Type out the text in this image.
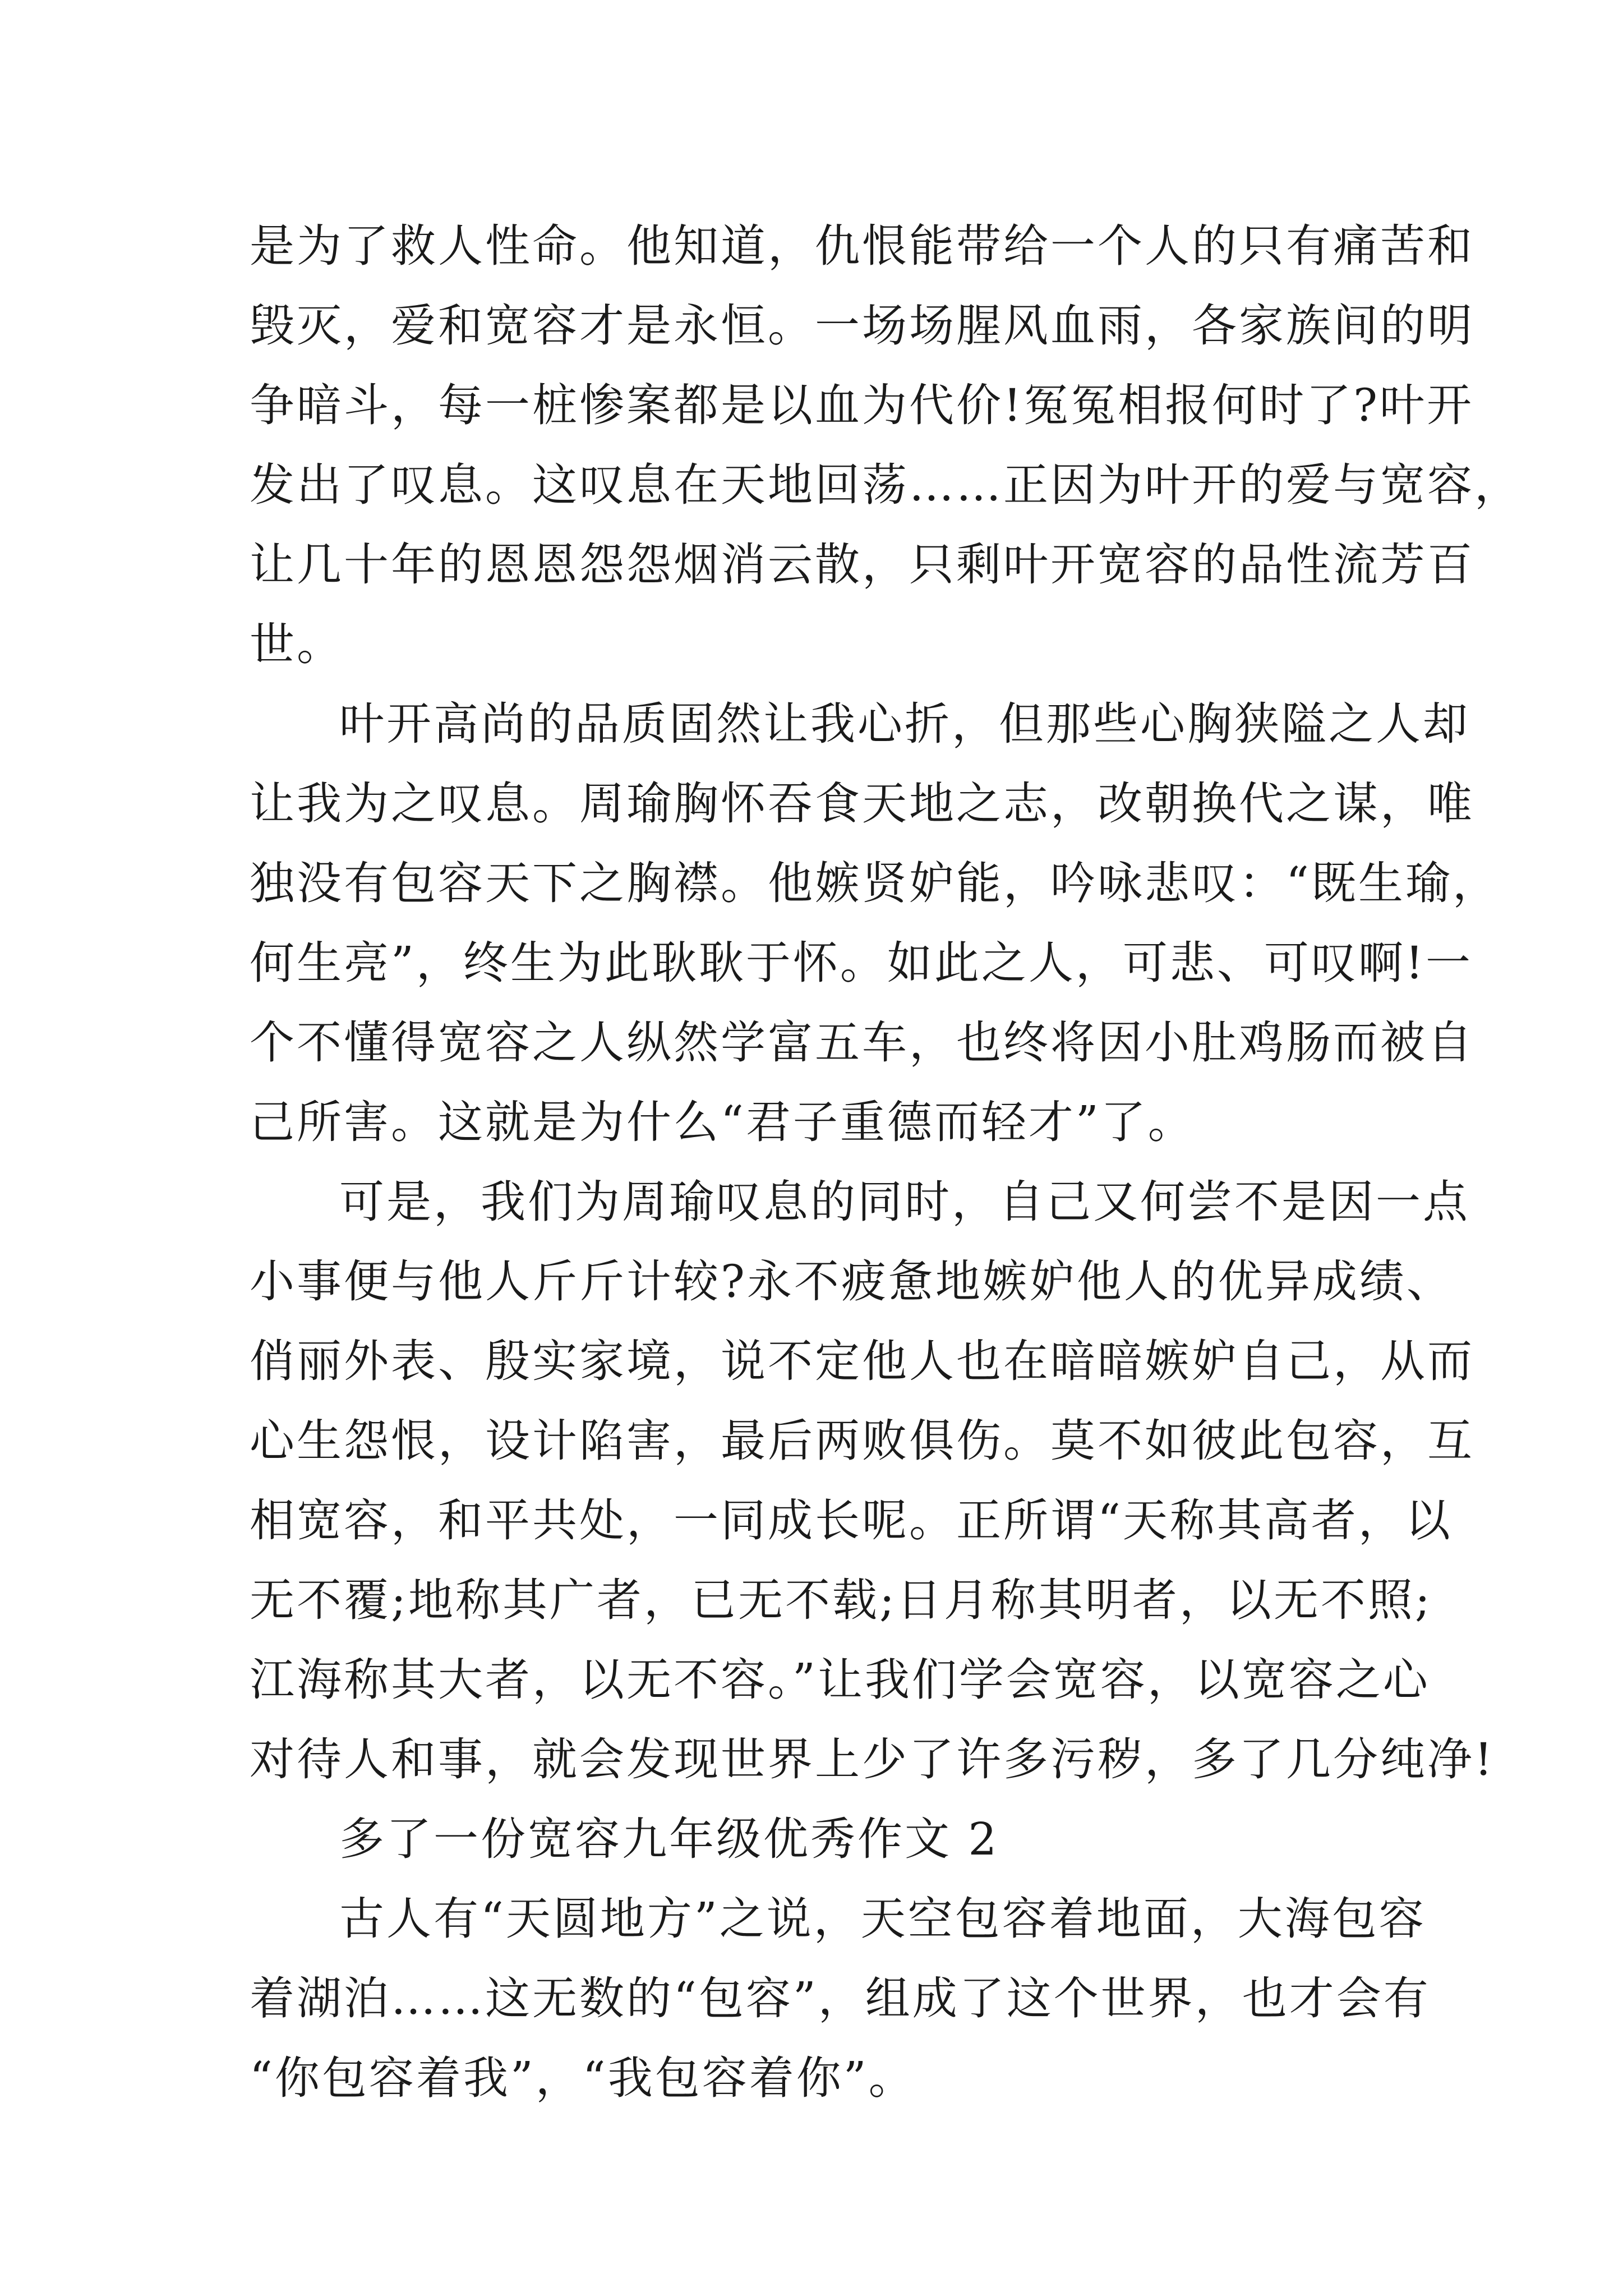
是为了救人性命。他知道，仇恨能带给一个人的只有痛苦和
毁灭，爱和宽容才是永恒。一场场腥风血雨，各家族间的明
争暗斗，每一桩惨案都是以血为代价!冤冤相报何时了?叶开
发出了叹息。这叹息在天地回荡……正因为叶开的爱与宽容，
让几十年的恩恩怨怨烟消云散，只剩叶开宽容的品性流芳百
世。
叶开高尚的品质固然让我心折，但那些心胸狭隘之人却
让我为之叹息。周瑜胸怀吞食天地之志，改朝换代之谋，唯
独没有包容天下之胸襟。他嫉贤妒能，吟咏悲叹：“既生瑜，
何生亮”，终生为此耿耿于怀。如此之人，可悲、可叹啊!一
个不懂得宽容之人纵然学富五车，也终将因小肚鸡肠而被自
己所害。这就是为什么“君子重德而轻才”了。
可是，我们为周瑜叹息的同时，自己又何尝不是因一点
小事便与他人斤斤计较?永不疲惫地嫉妒他人的优异成绩、
俏丽外表、殷实家境，说不定他人也在暗暗嫉妒自己，从而
心生怨恨，设计陷害，最后两败俱伤。莫不如彼此包容，互
相宽容，和平共处，一同成长呢。正所谓“天称其高者，以
无不覆;地称其广者，已无不载;日月称其明者，以无不照;
江海称其大者，以无不容。”让我们学会宽容，以宽容之心
对待人和事，就会发现世界上少了许多污秽，多了几分纯净!
多了一份宽容九年级优秀作文 2
古人有“天圆地方”之说，天空包容着地面，大海包容
着湖泊……这无数的“包容”，组成了这个世界，也才会有
“你包容着我”，“我包容着你”。
